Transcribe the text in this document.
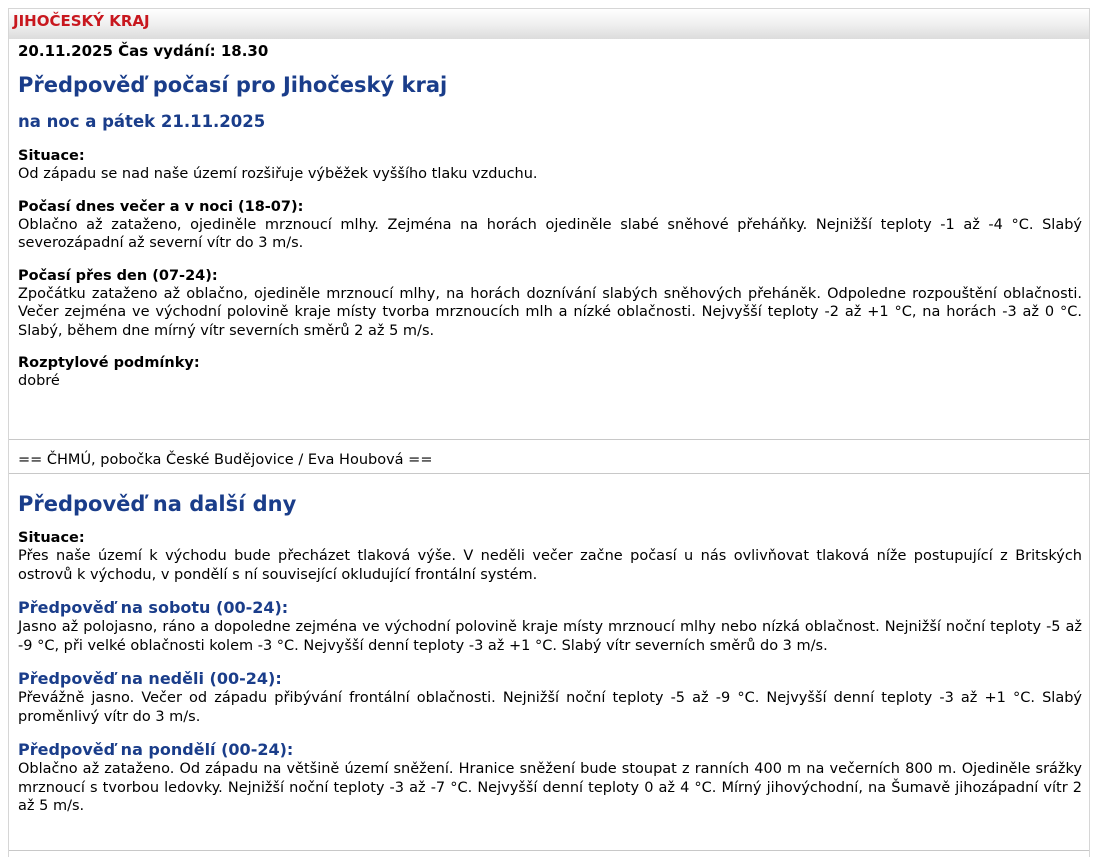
JIHOČESKÝ KRAJ
20.11.2025 Čas vydání: 18.30
Předpověď počasí pro Jihočeský kraj
na noc a pátek 21.11.2025
Situace:
Od západu se nad naše území rozšiřuje výběžek vyššího tlaku vzduchu.
Počasí dnes večer a v noci (18-07):
Oblačno až zataženo, ojediněle mrznoucí mlhy. Zejména na horách ojediněle slabé sněhové přeháňky. Nejnižší teploty -1 až -4 °C. Slabý severozápadní až severní vítr do 3 m/s.
Počasí přes den (07-24):
Zpočátku zataženo až oblačno, ojediněle mrznoucí mlhy, na horách doznívání slabých sněhových přeháněk. Odpoledne rozpouštění oblačnosti. Večer zejména ve východní polovině kraje místy tvorba mrznoucích mlh a nízké oblačnosti. Nejvyšší teploty -2 až +1 °C, na horách -3 až 0 °C. Slabý, během dne mírný vítr severních směrů 2 až 5 m/s.
Rozptylové podmínky:
dobré
== ČHMÚ, pobočka České Budějovice / Eva Houbová ==
Předpověď na další dny
Situace:
Přes naše území k východu bude přecházet tlaková výše. V neděli večer začne počasí u nás ovlivňovat tlaková níže postupující z Britských ostrovů k východu, v pondělí s ní související okludující frontální systém.
Předpověď na sobotu (00-24):
Jasno až polojasno, ráno a dopoledne zejména ve východní polovině kraje místy mrznoucí mlhy nebo nízká oblačnost. Nejnižší noční teploty -5 až -9 °C, při velké oblačnosti kolem -3 °C. Nejvyšší denní teploty -3 až +1 °C. Slabý vítr severních směrů do 3 m/s.
Předpověď na neděli (00-24):
Převážně jasno. Večer od západu přibývání frontální oblačnosti. Nejnižší noční teploty -5 až -9 °C. Nejvyšší denní teploty -3 až +1 °C. Slabý proměnlivý vítr do 3 m/s.
Předpověď na pondělí (00-24):
Oblačno až zataženo. Od západu na většině území sněžení. Hranice sněžení bude stoupat z ranních 400 m na večerních 800 m. Ojediněle srážky mrznoucí s tvorbou ledovky. Nejnižší noční teploty -3 až -7 °C. Nejvyšší denní teploty 0 až 4 °C. Mírný jihovýchodní, na Šumavě jihozápadní vítr 2 až 5 m/s.
